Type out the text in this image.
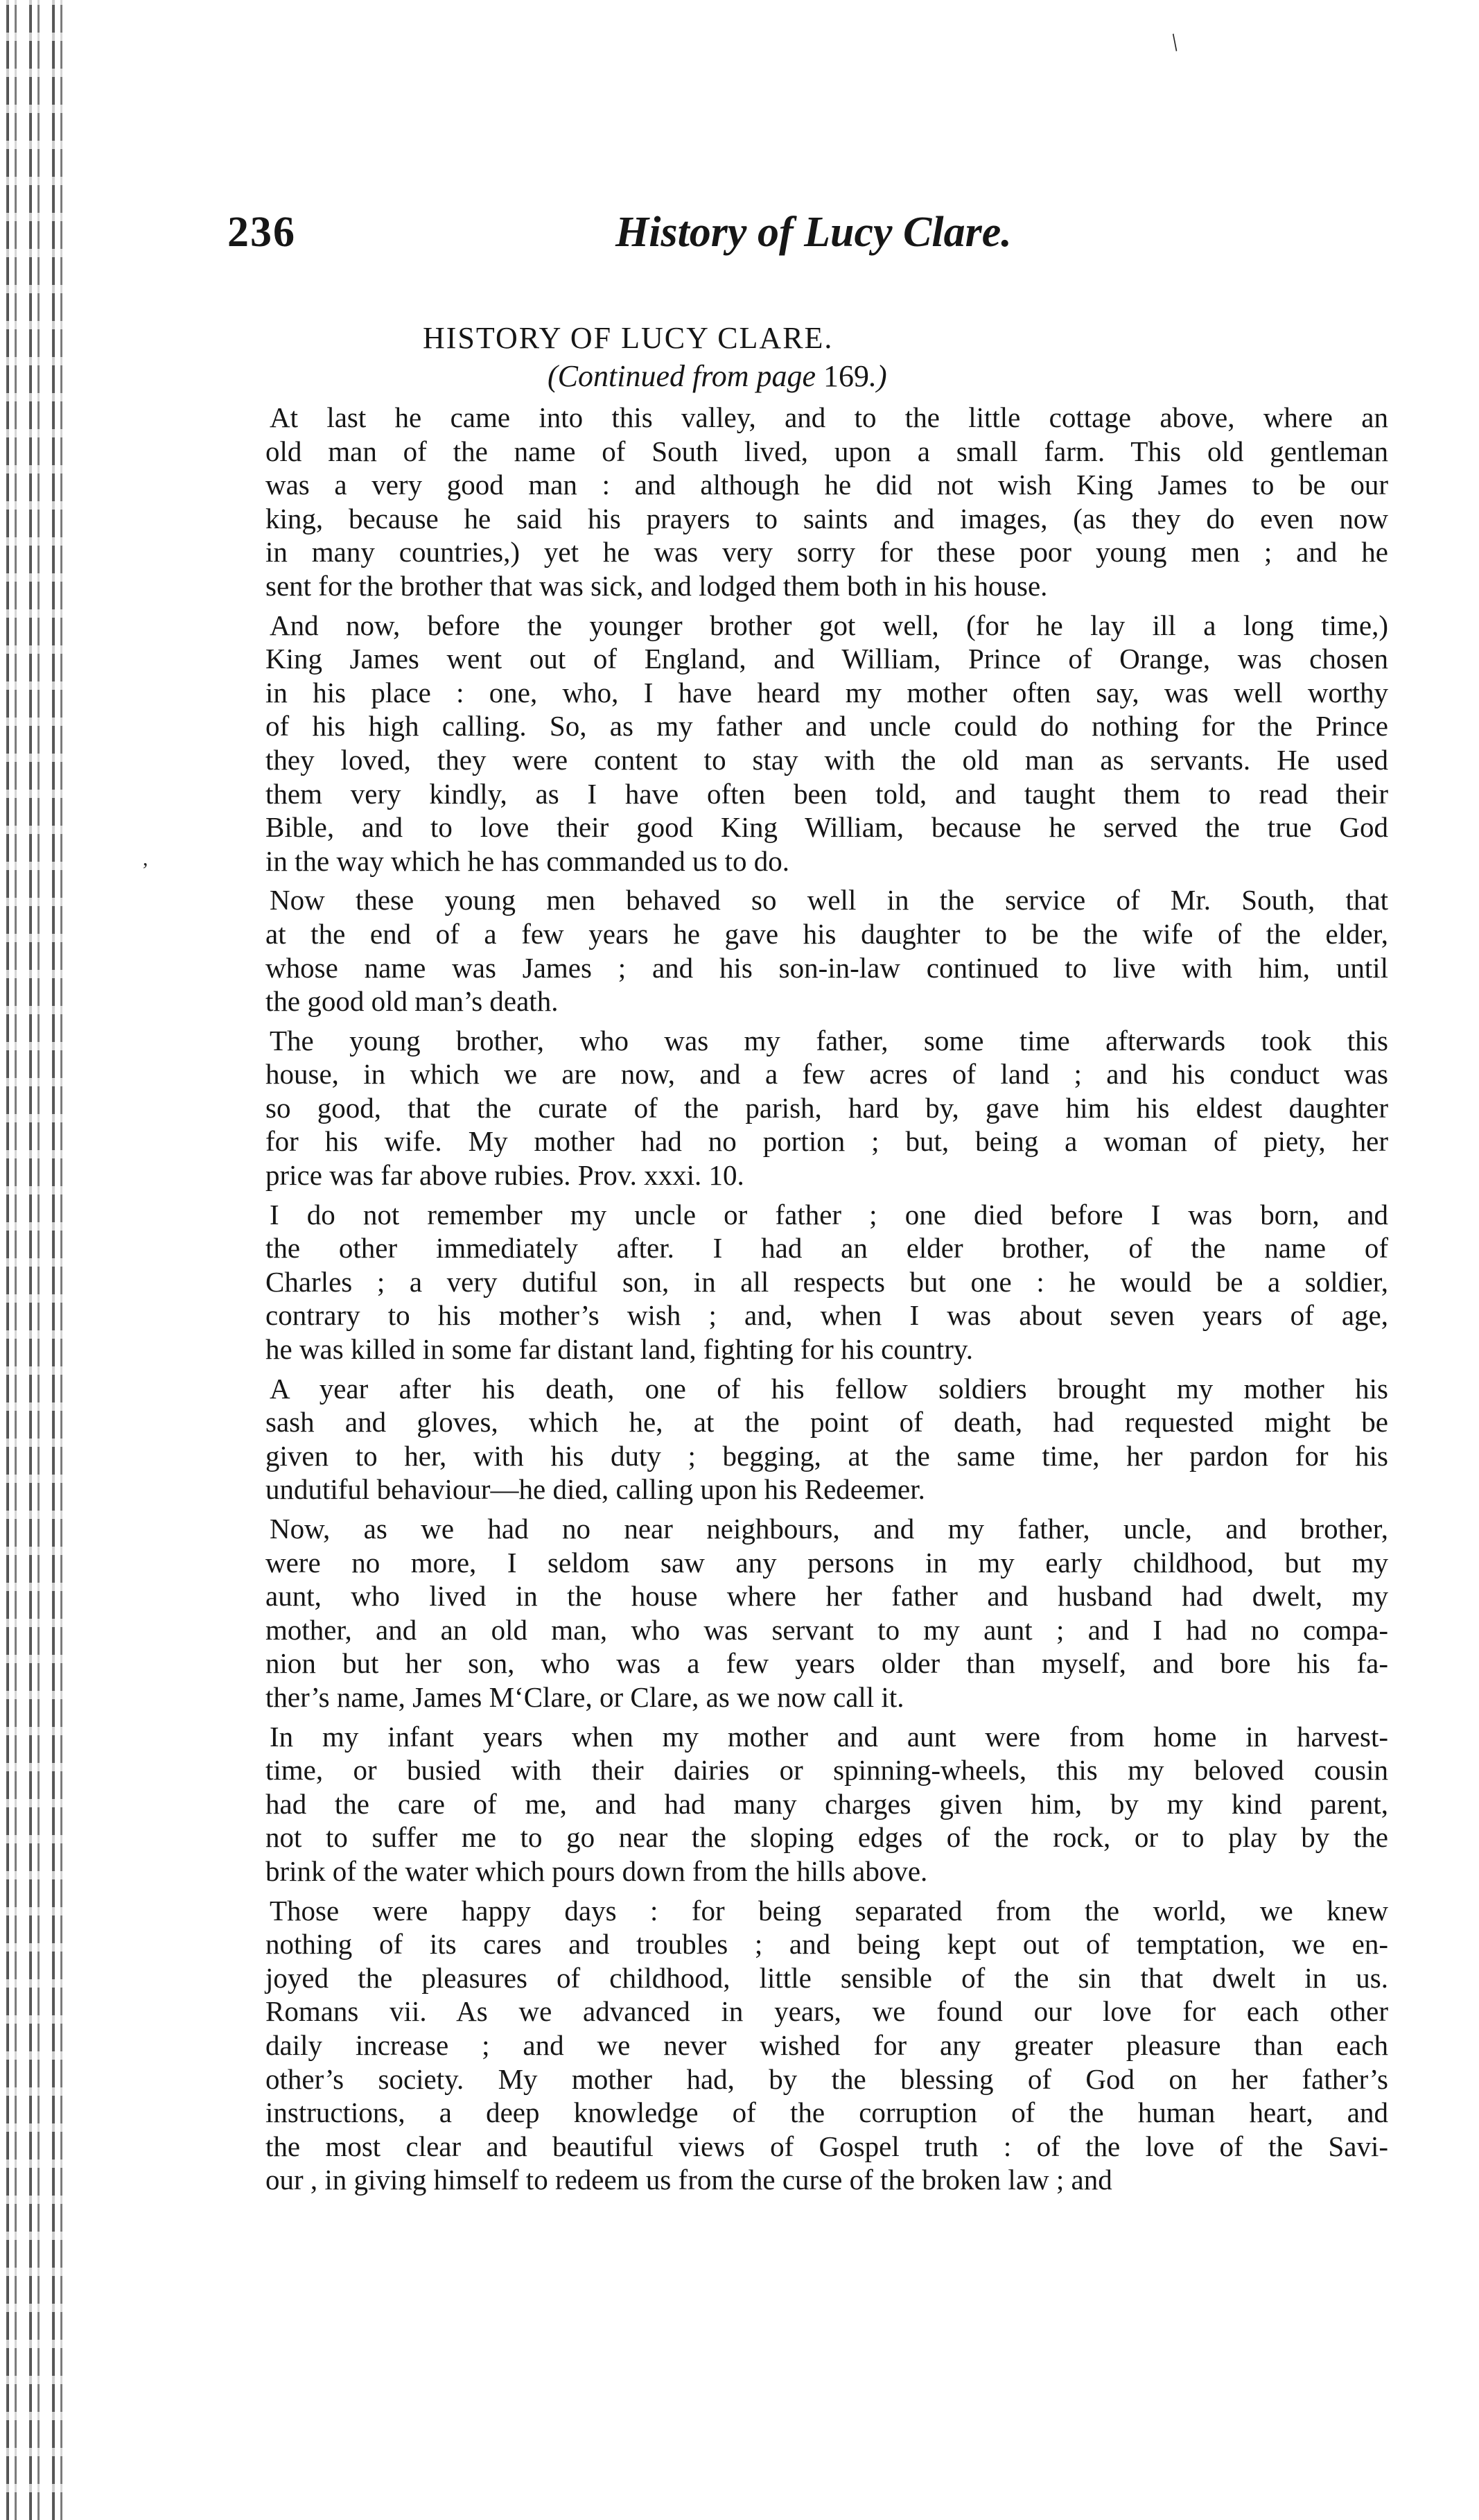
/
,
236	History of Lucy Clare.
HISTORY OF LUCY CLARE.
(Continued from page 169.)

At last he came into this valley, and to the little cottage above, where an
old man of the name of South lived, upon a small farm. This old gentleman
was a very good man : and although he did not wish King James to be our
king, because he said his prayers to saints and images, (as they do even now
in many countries,) yet he was very sorry for these poor young men ; and he
sent for the brother that was sick, and lodged them both in his house.

And now, before the younger brother got well, (for he lay ill a long time,)
King James went out of England, and William, Prince of Orange, was chosen
in his place : one, who, I have heard my mother often say, was well worthy
of his high calling. So, as my father and uncle could do nothing for the Prince
they loved, they were content to stay with the old man as servants. He used
them very kindly, as I have often been told, and taught them to read their
Bible, and to love their good King William, because he served the true God
in the way which he has commanded us to do.

Now these young men behaved so well in the service of Mr. South, that
at the end of a few years he gave his daughter to be the wife of the elder,
whose name was James ; and his son-in-law continued to live with him, until
the good old man’s death.

The young brother, who was my father, some time afterwards took this
house, in which we are now, and a few acres of land ; and his conduct was
so good, that the curate of the parish, hard by, gave him his eldest daughter
for his wife. My mother had no portion ; but, being a woman of piety, her
price was far above rubies. Prov. xxxi. 10.

I do not remember my uncle or father ; one died before I was born, and
the other immediately after. I had an elder brother, of the name of
Charles ; a very dutiful son, in all respects but one : he would be a soldier,
contrary to his mother’s wish ; and, when I was about seven years of age,
he was killed in some far distant land, fighting for his country.

A year after his death, one of his fellow soldiers brought my mother his
sash and gloves, which he, at the point of death, had requested might be
given to her, with his duty ; begging, at the same time, her pardon for his
undutiful behaviour—he died, calling upon his Redeemer.

Now, as we had no near neighbours, and my father, uncle, and brother,
were no more, I seldom saw any persons in my early childhood, but my
aunt, who lived in the house where her father and husband had dwelt, my
mother, and an old man, who was servant to my aunt ; and I had no compa-
nion but her son, who was a few years older than myself, and bore his fa-
ther’s name, James M‘Clare, or Clare, as we now call it.

In my infant years when my mother and aunt were from home in harvest-
time, or busied with their dairies or spinning-wheels, this my beloved cousin
had the care of me, and had many charges given him, by my kind parent,
not to suffer me to go near the sloping edges of the rock, or to play by the
brink of the water which pours down from the hills above.

Those were happy days : for being separated from the world, we knew
nothing of its cares and troubles ; and being kept out of temptation, we en-
joyed the pleasures of childhood, little sensible of the sin that dwelt in us.
Romans vii. As we advanced in years, we found our love for each other
daily increase ; and we never wished for any greater pleasure than each
other’s society. My mother had, by the blessing of God on her father’s
instructions, a deep knowledge of the corruption of the human heart, and
the most clear and beautiful views of Gospel truth : of the love of the Savi-
our , in giving himself to redeem us from the curse of the broken law ; and
